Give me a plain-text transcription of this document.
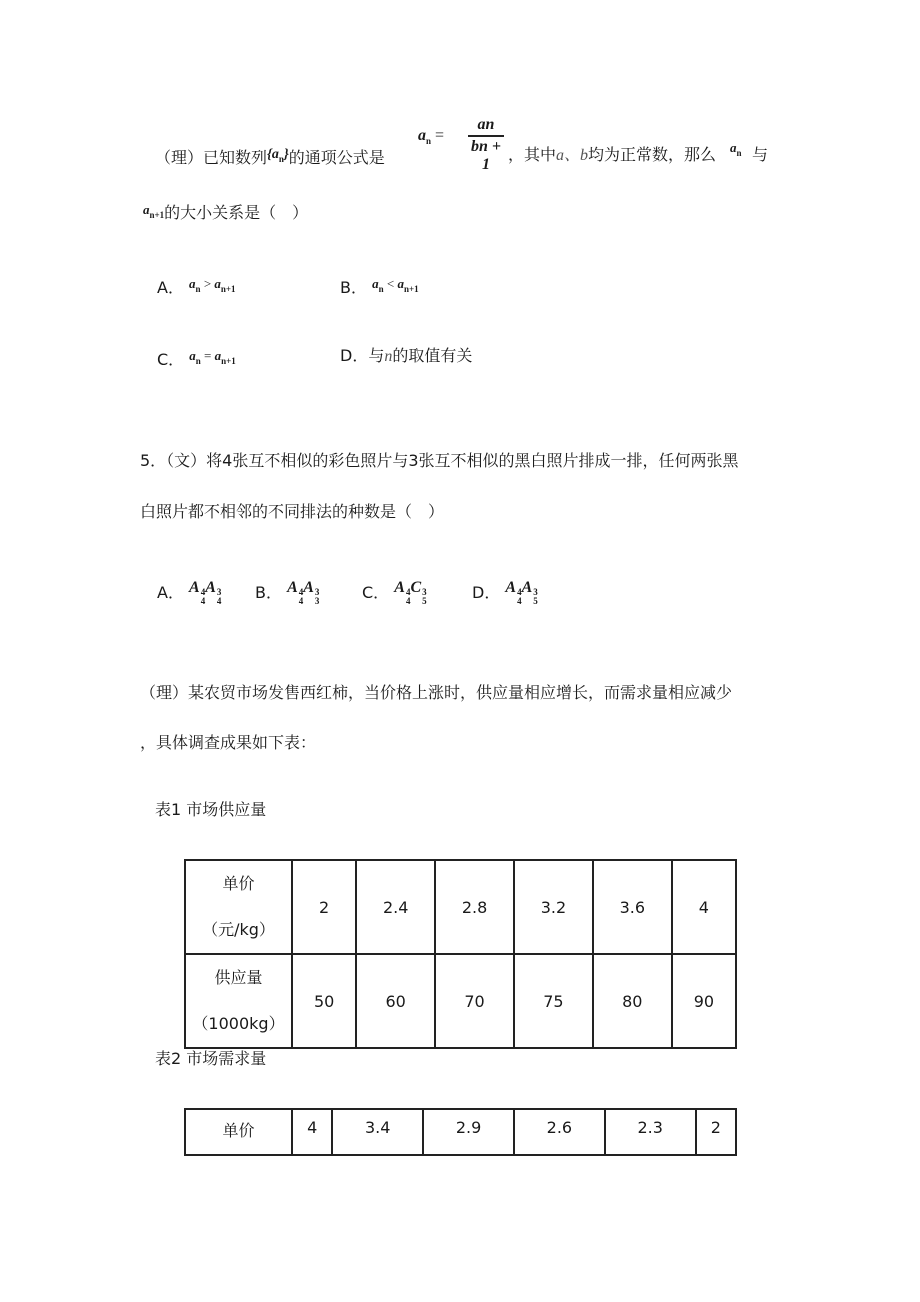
（理）已知数列$\{a_n\}$的通项公式是
$a_n$ =
an
bn + 1	，其中a、b均为正常数，那么 $a_n$ 与
$^{a_{n+1}}$的大小关系是（　）
A． $^{a_n > a_{n+1}}$	B． $^{a_n < a_{n+1}}$
C． $^{a_n = a_{n+1}}$	D．与n的取值有关
5．（文）将4张互不相似的彩色照片与3张互不相似的黑白照片排成一排，任何两张黑
白照片都不相邻的不同排法的种数是（　）
A． A 4
4
A 3
4 B． A 4
4
A 3
3	C． A 4
4
C 3
5	D． A 4
4
A 3
5
（理）某农贸市场发售西红柿，当价格上涨时，供应量相应增长，而需求量相应减少
，具体调查成果如下表：
表1 市场供应量
单价
（元/kg）	2	2.4	2.8	3.2	3.6	4

供应量
（1000kg）	50	60	70	75	80	90
表2 市场需求量
单价	4	3.4	2.9	2.6	2.3	2
